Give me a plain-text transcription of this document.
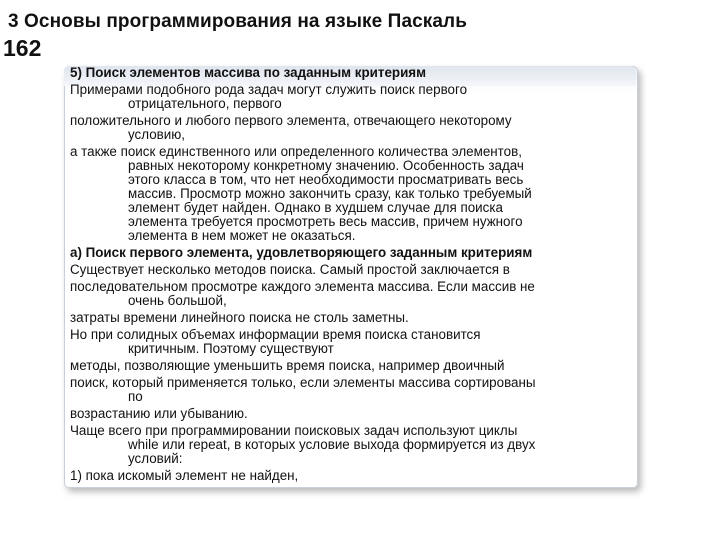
3 Основы программирования на языке Паскаль
162
5) Поиск элементов массива по заданным критериям
Примерами подобного рода задач могут служить поиск первого
отрицательного, первого
положительного и любого первого элемента, отвечающего некоторому
условию,
а также поиск единственного или определенного количества элементов,
равных некоторому конкретному значению. Особенность задач
этого класса в том, что нет необходимости просматривать весь
массив. Просмотр можно закончить сразу, как только требуемый
элемент будет найден. Однако в худшем случае для поиска
элемента требуется просмотреть весь массив, причем нужного
элемента в нем может не оказаться.
а) Поиск первого элемента, удовлетворяющего заданным критериям
Существует несколько методов поиска. Самый простой заключается в
последовательном просмотре каждого элемента массива. Если массив не
очень большой,
затраты времени линейного поиска не столь заметны.
Но при солидных объемах информации время поиска становится
критичным. Поэтому существуют
методы, позволяющие уменьшить время поиска, например двоичный
поиск, который применяется только, если элементы массива сортированы
по
возрастанию или убыванию.
Чаще всего при программировании поисковых задач используют циклы
while или repeat, в которых условие выхода формируется из двух
условий:
1) пока искомый элемент не найден,
